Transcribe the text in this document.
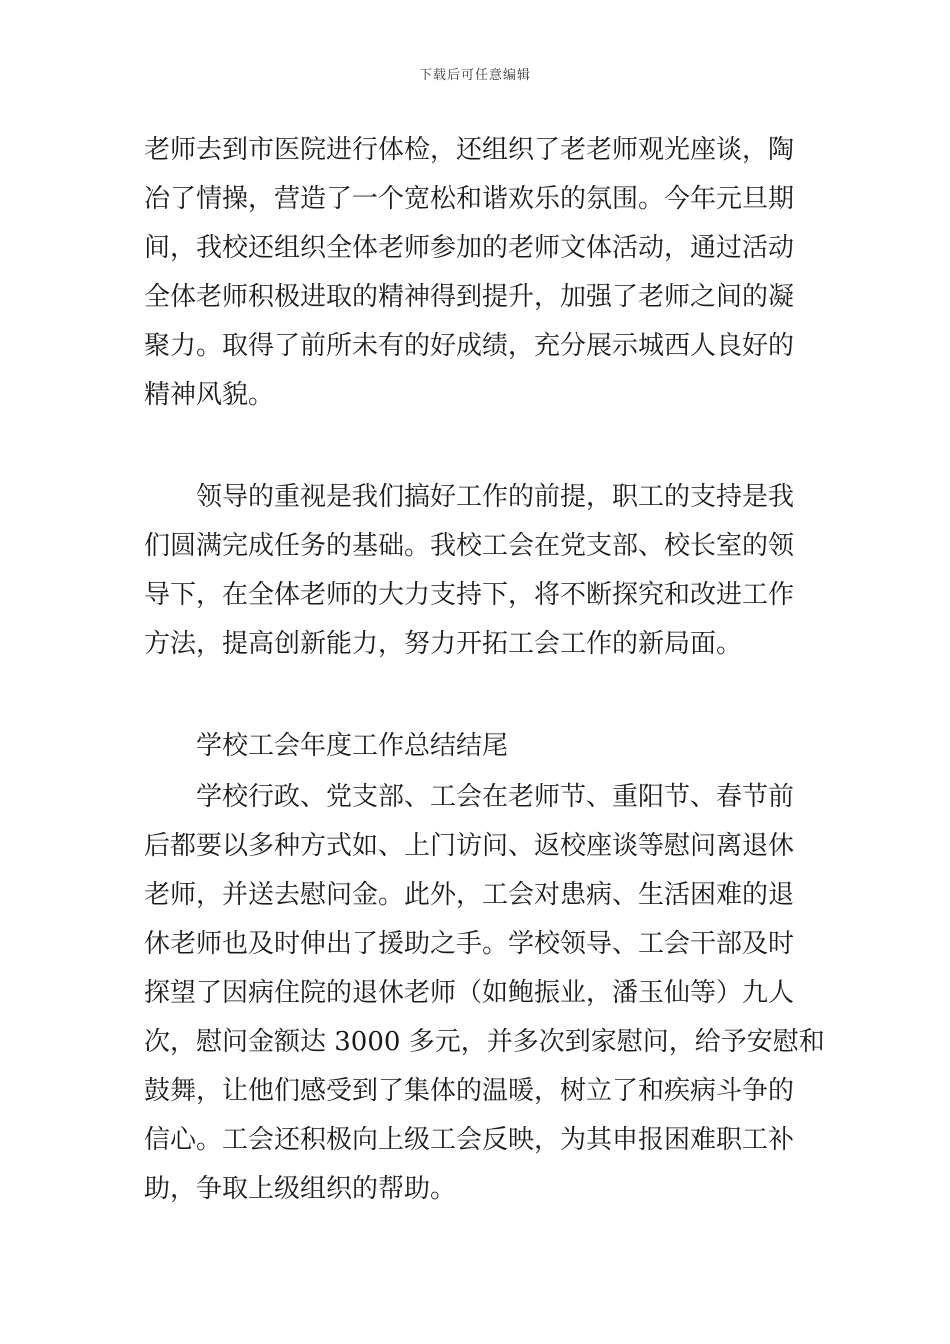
下载后可任意编辑
老师去到市医院进行体检，还组织了老老师观光座谈，陶
冶了情操，营造了一个宽松和谐欢乐的氛围。今年元旦期
间，我校还组织全体老师参加的老师文体活动，通过活动
全体老师积极进取的精神得到提升，加强了老师之间的凝
聚力。取得了前所未有的好成绩，充分展示城西人良好的
精神风貌。
领导的重视是我们搞好工作的前提，职工的支持是我
们圆满完成任务的基础。我校工会在党支部、校长室的领
导下，在全体老师的大力支持下，将不断探究和改进工作
方法，提高创新能力，努力开拓工会工作的新局面。
学校工会年度工作总结结尾
学校行政、党支部、工会在老师节、重阳节、春节前
后都要以多种方式如、上门访问、返校座谈等慰问离退休
老师，并送去慰问金。此外，工会对患病、生活困难的退
休老师也及时伸出了援助之手。学校领导、工会干部及时
探望了因病住院的退休老师（如鲍振业，潘玉仙等）九人
次，慰问金额达 3000 多元，并多次到家慰问，给予安慰和
鼓舞，让他们感受到了集体的温暖，树立了和疾病斗争的
信心。工会还积极向上级工会反映，为其申报困难职工补
助，争取上级组织的帮助。
